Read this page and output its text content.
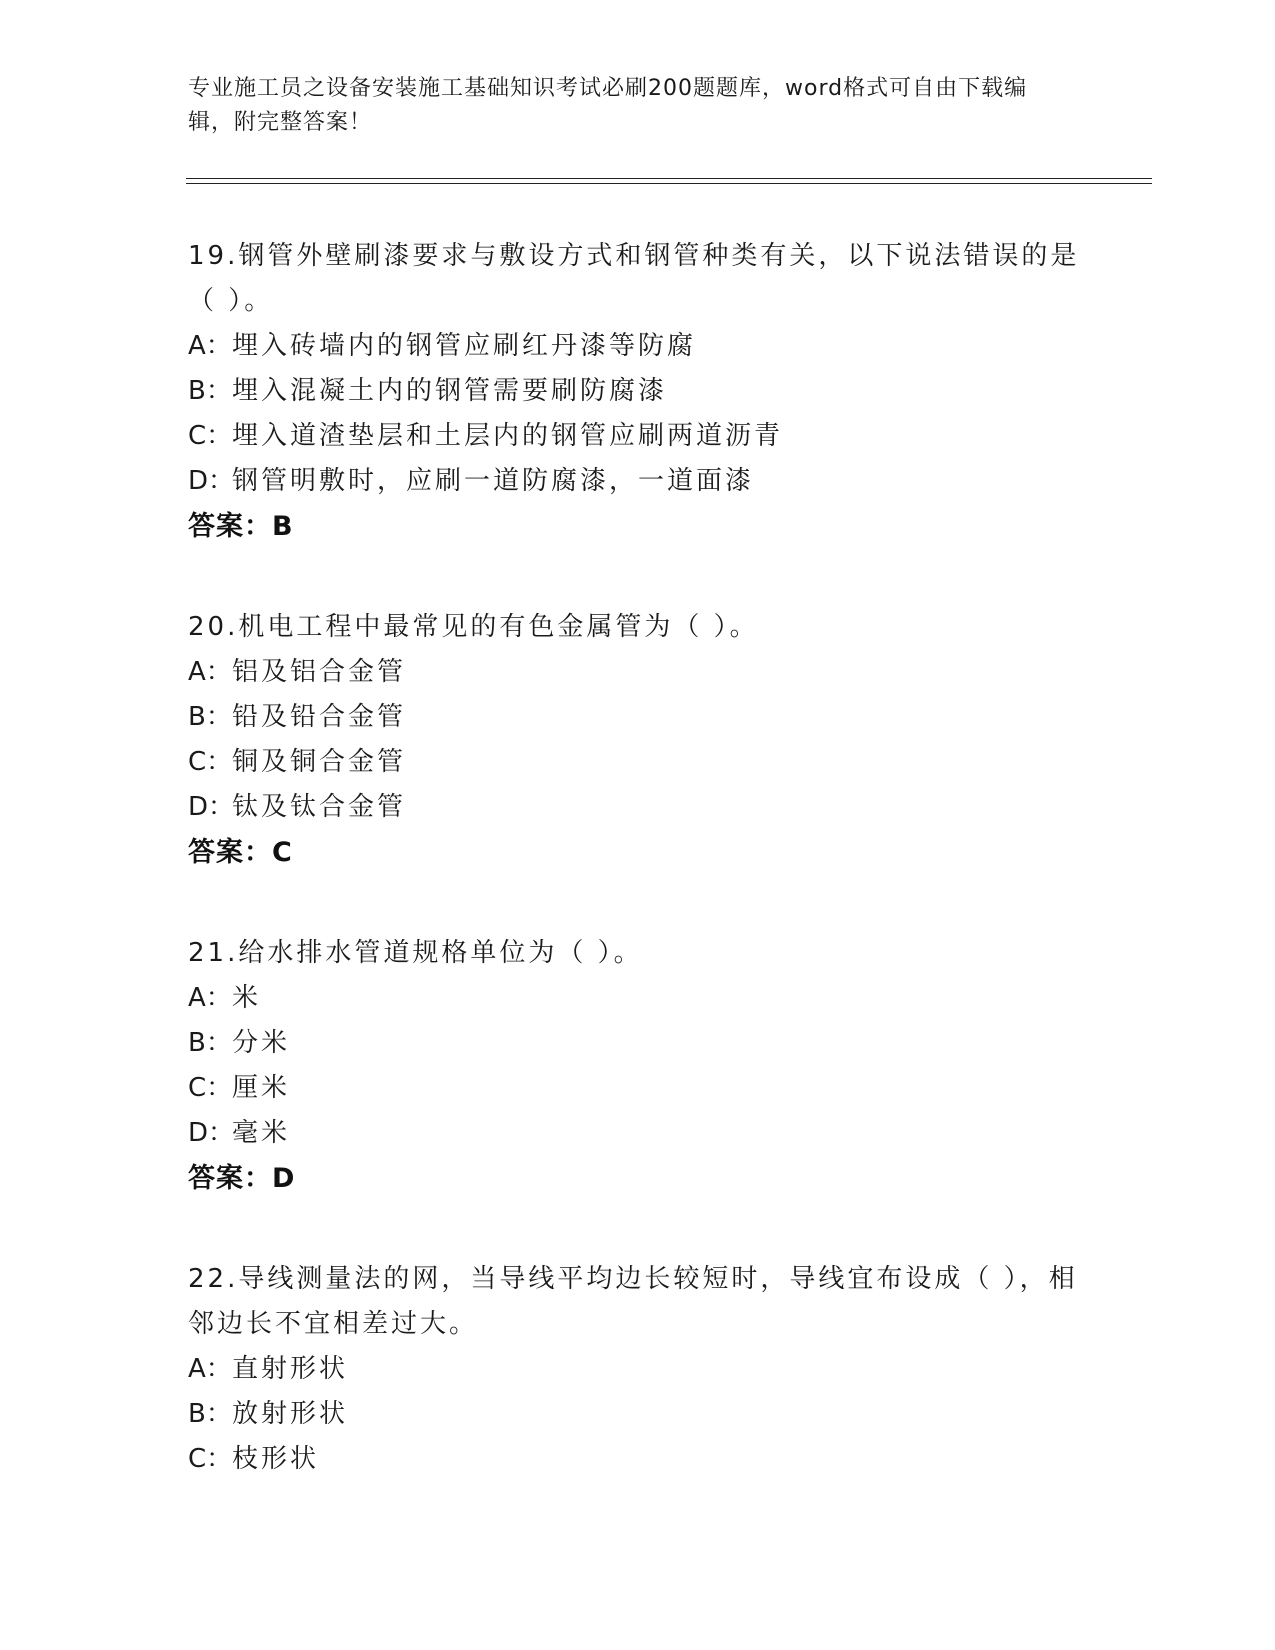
专业施工员之设备安装施工基础知识考试必刷200题题库，word格式可自由下载编辑，附完整答案！

19.钢管外壁刷漆要求与敷设方式和钢管种类有关，以下说法错误的是（ ）。

A：埋入砖墙内的钢管应刷红丹漆等防腐

B：埋入混凝土内的钢管需要刷防腐漆

C：埋入道渣垫层和土层内的钢管应刷两道沥青

D：钢管明敷时，应刷一道防腐漆，一道面漆

答案：B

20.机电工程中最常见的有色金属管为（ ）。

A：铝及铝合金管

B：铅及铅合金管

C：铜及铜合金管

D：钛及钛合金管

答案：C

21.给水排水管道规格单位为（ ）。

A：米

B：分米

C：厘米

D：毫米

答案：D

22.导线测量法的网，当导线平均边长较短时，导线宜布设成（ ），相邻边长不宜相差过大。

A：直射形状

B：放射形状

C：枝形状
